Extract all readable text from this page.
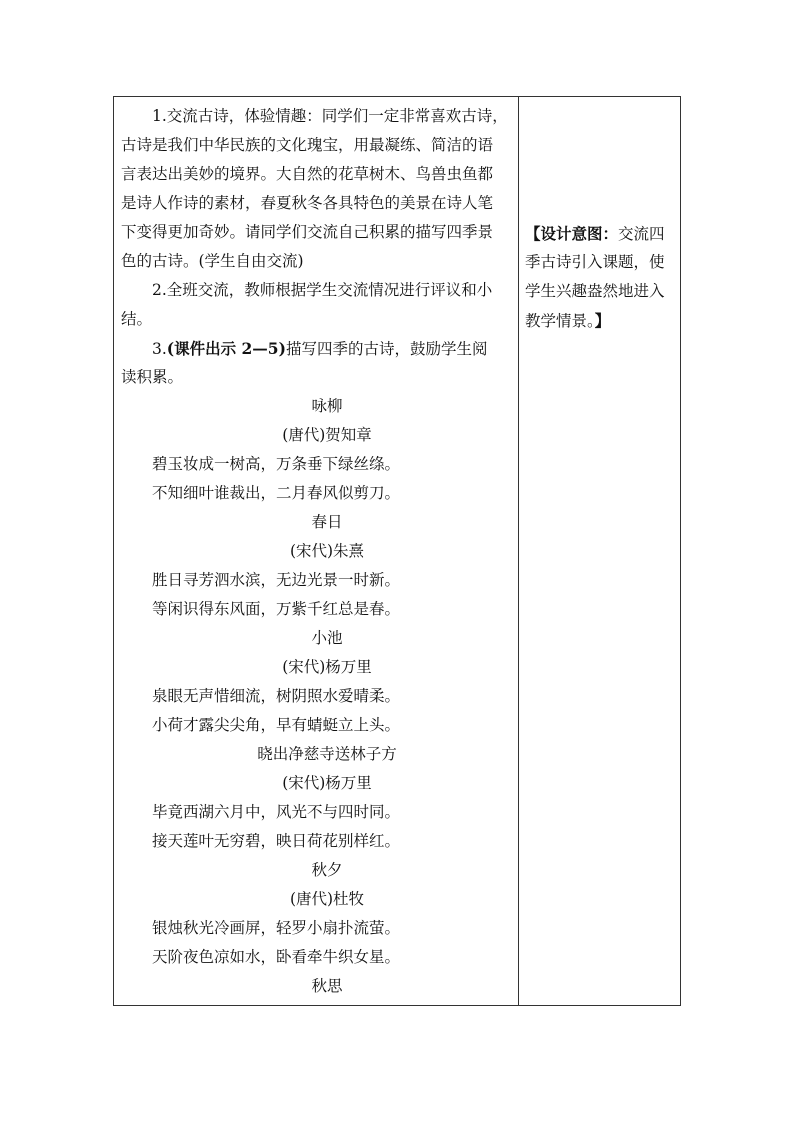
1.交流古诗，体验情趣：同学们一定非常喜欢古诗，
古诗是我们中华民族的文化瑰宝，用最凝练、简洁的语
言表达出美妙的境界。大自然的花草树木、鸟兽虫鱼都
是诗人作诗的素材，春夏秋冬各具特色的美景在诗人笔
下变得更加奇妙。请同学们交流自己积累的描写四季景
色的古诗。(学生自由交流)
2.全班交流，教师根据学生交流情况进行评议和小
结。
3.(课件出示 2—5)描写四季的古诗，鼓励学生阅
读积累。
咏柳
(唐代)贺知章
碧玉妆成一树高，万条垂下绿丝绦。
不知细叶谁裁出，二月春风似剪刀。
春日
(宋代)朱熹
胜日寻芳泗水滨，无边光景一时新。
等闲识得东风面，万紫千红总是春。
小池
(宋代)杨万里
泉眼无声惜细流，树阴照水爱晴柔。
小荷才露尖尖角，早有蜻蜓立上头。
晓出净慈寺送林子方
(宋代)杨万里
毕竟西湖六月中，风光不与四时同。
接天莲叶无穷碧，映日荷花别样红。
秋夕
(唐代)杜牧
银烛秋光冷画屏，轻罗小扇扑流萤。
天阶夜色凉如水，卧看牵牛织女星。
秋思
【设计意图：交流四
季古诗引入课题，使
学生兴趣盎然地进入
教学情景。】
